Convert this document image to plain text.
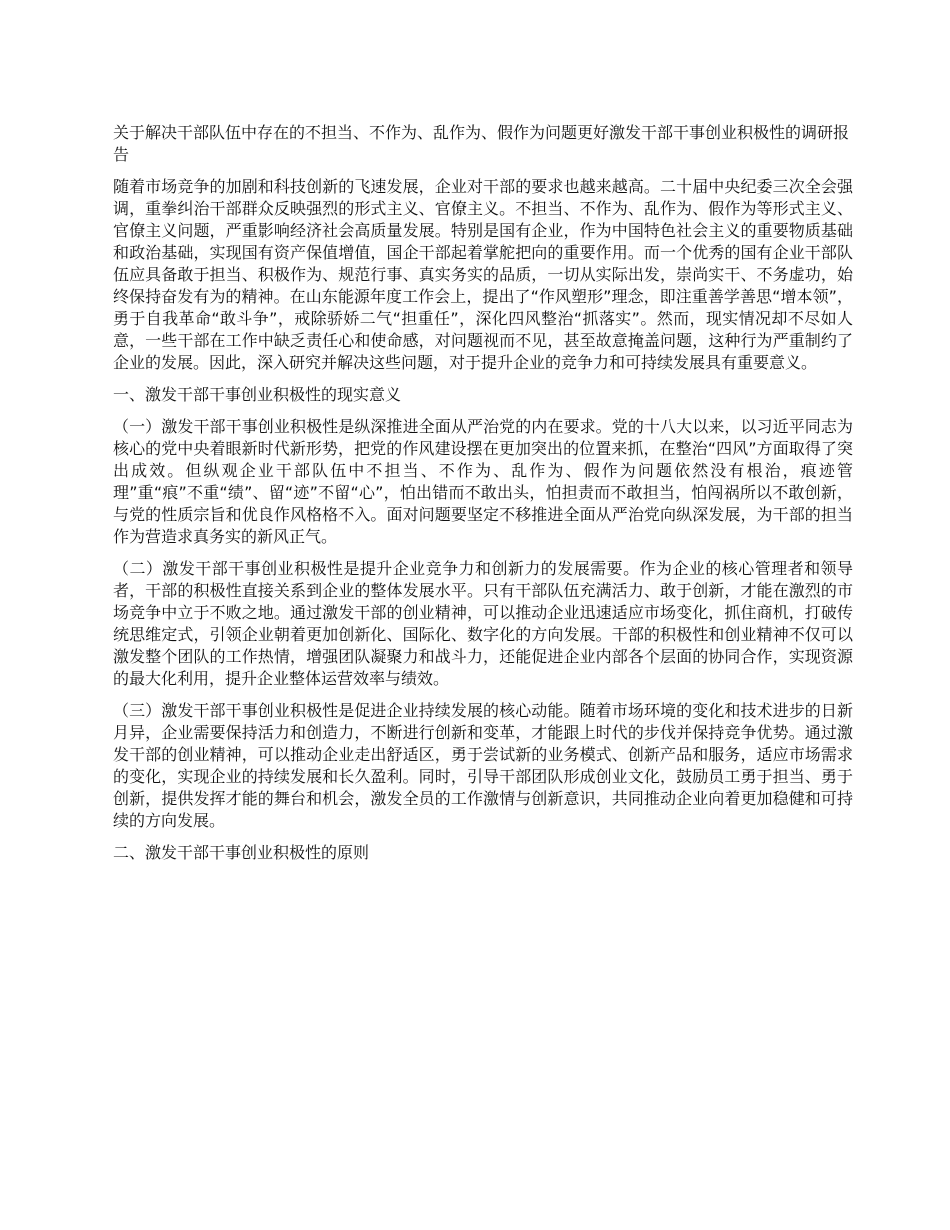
关于解决干部队伍中存在的不担当、不作为、乱作为、假作为问题更好激发干部干事创业积极性的调研报告

随着市场竞争的加剧和科技创新的飞速发展，企业对干部的要求也越来越高。二十届中央纪委三次全会强调，重拳纠治干部群众反映强烈的形式主义、官僚主义。不担当、不作为、乱作为、假作为等形式主义、官僚主义问题，严重影响经济社会高质量发展。特别是国有企业，作为中国特色社会主义的重要物质基础和政治基础，实现国有资产保值增值，国企干部起着掌舵把向的重要作用。而一个优秀的国有企业干部队伍应具备敢于担当、积极作为、规范行事、真实务实的品质，一切从实际出发，崇尚实干、不务虚功，始终保持奋发有为的精神。在山东能源年度工作会上，提出了“作风塑形”理念，即注重善学善思“增本领”，勇于自我革命“敢斗争”，戒除骄娇二气“担重任”，深化四风整治“抓落实”。然而，现实情况却不尽如人意，一些干部在工作中缺乏责任心和使命感，对问题视而不见，甚至故意掩盖问题，这种行为严重制约了企业的发展。因此，深入研究并解决这些问题，对于提升企业的竞争力和可持续发展具有重要意义。

一、激发干部干事创业积极性的现实意义

（一）激发干部干事创业积极性是纵深推进全面从严治党的内在要求。党的十八大以来，以习近平同志为核心的党中央着眼新时代新形势，把党的作风建设摆在更加突出的位置来抓，在整治“四风”方面取得了突出成效。但纵观企业干部队伍中不担当、不作为、乱作为、假作为问题依然没有根治，痕迹管理”重“痕”不重“绩”、留“迹”不留“心”，怕出错而不敢出头，怕担责而不敢担当，怕闯祸所以不敢创新，与党的性质宗旨和优良作风格格不入。面对问题要坚定不移推进全面从严治党向纵深发展，为干部的担当作为营造求真务实的新风正气。

（二）激发干部干事创业积极性是提升企业竞争力和创新力的发展需要。作为企业的核心管理者和领导者，干部的积极性直接关系到企业的整体发展水平。只有干部队伍充满活力、敢于创新，才能在激烈的市场竞争中立于不败之地。通过激发干部的创业精神，可以推动企业迅速适应市场变化，抓住商机，打破传统思维定式，引领企业朝着更加创新化、国际化、数字化的方向发展。干部的积极性和创业精神不仅可以激发整个团队的工作热情，增强团队凝聚力和战斗力，还能促进企业内部各个层面的协同合作，实现资源的最大化利用，提升企业整体运营效率与绩效。

（三）激发干部干事创业积极性是促进企业持续发展的核心动能。随着市场环境的变化和技术进步的日新月异，企业需要保持活力和创造力，不断进行创新和变革，才能跟上时代的步伐并保持竞争优势。通过激发干部的创业精神，可以推动企业走出舒适区，勇于尝试新的业务模式、创新产品和服务，适应市场需求的变化，实现企业的持续发展和长久盈利。同时，引导干部团队形成创业文化，鼓励员工勇于担当、勇于创新，提供发挥才能的舞台和机会，激发全员的工作激情与创新意识，共同推动企业向着更加稳健和可持续的方向发展。

二、激发干部干事创业积极性的原则
